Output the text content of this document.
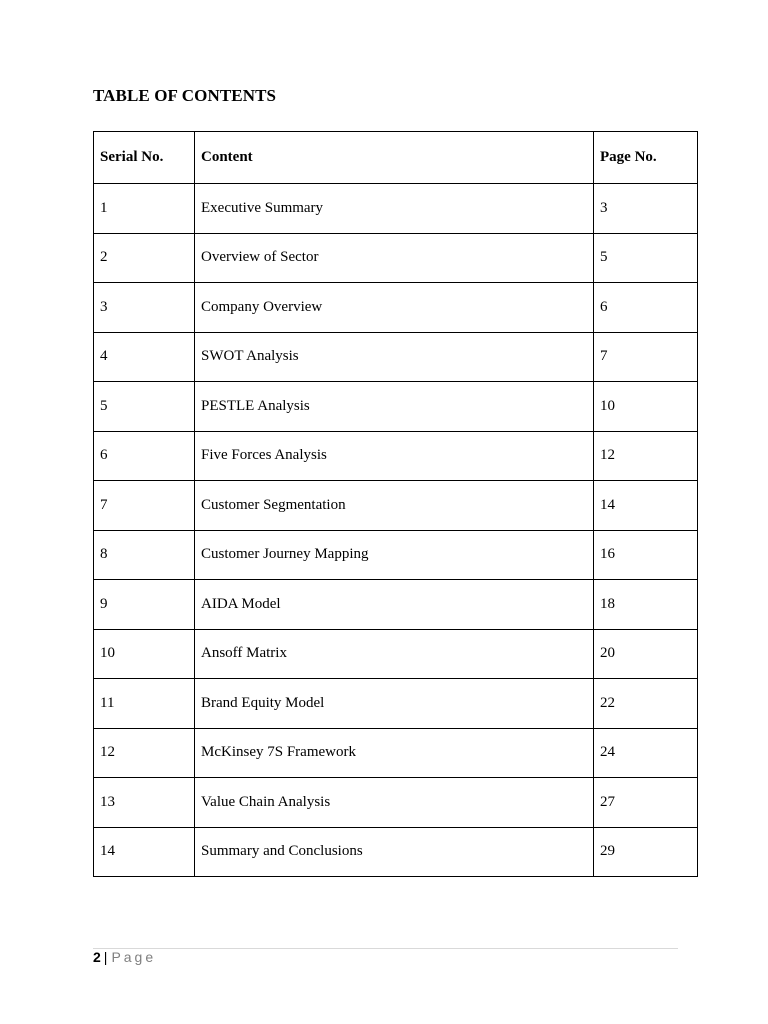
TABLE OF CONTENTS
Serial No.	Content	Page No.
1	Executive Summary	3
2	Overview of Sector	5
3	Company Overview	6
4	SWOT Analysis	7
5	PESTLE Analysis	10
6	Five Forces Analysis	12
7	Customer Segmentation	14
8	Customer Journey Mapping	16
9	AIDA Model	18
10	Ansoff Matrix	20
11	Brand Equity Model	22
12	McKinsey 7S Framework	24
13	Value Chain Analysis	27
14	Summary and Conclusions	29
2 | Page
